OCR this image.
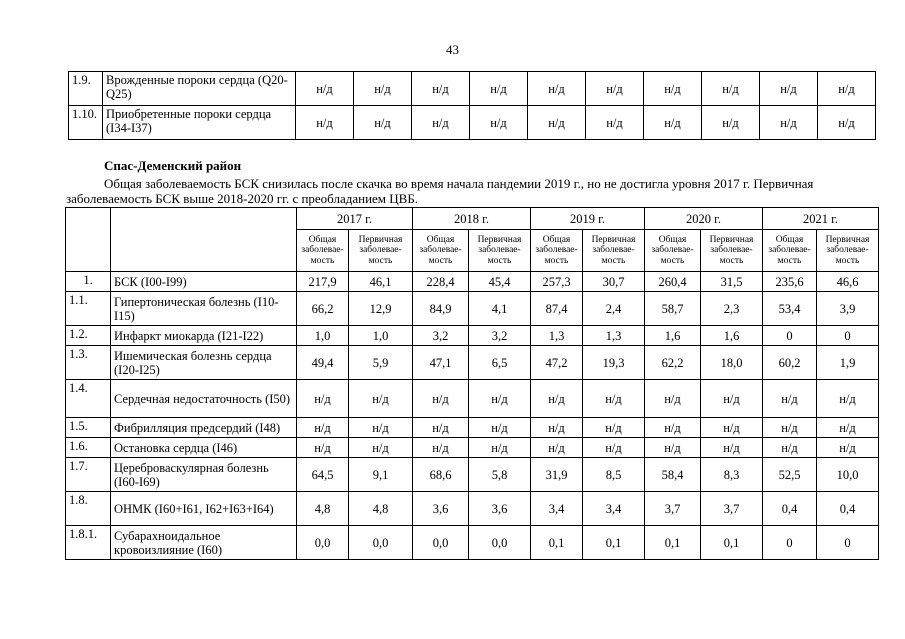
43
1.9.	Врожденные пороки сердца (Q20-Q25)	н/д	н/д	н/д	н/д	н/д	н/д	н/д	н/д	н/д	н/д
1.10.	Приобретенные пороки сердца (I34-I37)	н/д	н/д	н/д	н/д	н/д	н/д	н/д	н/д	н/д	н/д
Спас-Деменский район
Общая заболеваемость БСК снизилась после скачка во время начала пандемии 2019 г., но не достигла уровня 2017 г. Первичная заболеваемость БСК выше 2018-2020 гг. с преобладанием ЦВБ.
		2017 г.		2018 г.		2019 г.		2020 г.		2021 г.	
		Общая заболевае-мость	Первичная заболевае-мость	Общая заболевае-мость	Первичная заболевае-мость	Общая заболевае-мость	Первичная заболевае-мость	Общая заболевае-мость	Первичная заболевае-мость	Общая заболевае-мость	Первичная заболевае-мость
1.	БСК (I00-I99)	217,9	46,1	228,4	45,4	257,3	30,7	260,4	31,5	235,6	46,6
1.1.	Гипертоническая болезнь (I10-I15)	66,2	12,9	84,9	4,1	87,4	2,4	58,7	2,3	53,4	3,9
1.2.	Инфаркт миокарда (I21-I22)	1,0	1,0	3,2	3,2	1,3	1,3	1,6	1,6	0	0
1.3.	Ишемическая болезнь сердца (I20-I25)	49,4	5,9	47,1	6,5	47,2	19,3	62,2	18,0	60,2	1,9
1.4.	Сердечная недостаточность (I50)	н/д	н/д	н/д	н/д	н/д	н/д	н/д	н/д	н/д	н/д
1.5.	Фибрилляция предсердий (I48)	н/д	н/д	н/д	н/д	н/д	н/д	н/д	н/д	н/д	н/д
1.6.	Остановка сердца (I46)	н/д	н/д	н/д	н/д	н/д	н/д	н/д	н/д	н/д	н/д
1.7.	Цереброваскулярная болезнь (I60-I69)	64,5	9,1	68,6	5,8	31,9	8,5	58,4	8,3	52,5	10,0
1.8.	ОНМК (I60+I61, I62+I63+I64)	4,8	4,8	3,6	3,6	3,4	3,4	3,7	3,7	0,4	0,4
1.8.1.	Субарахноидальное кровоизлияние (I60)	0,0	0,0	0,0	0,0	0,1	0,1	0,1	0,1	0	0
